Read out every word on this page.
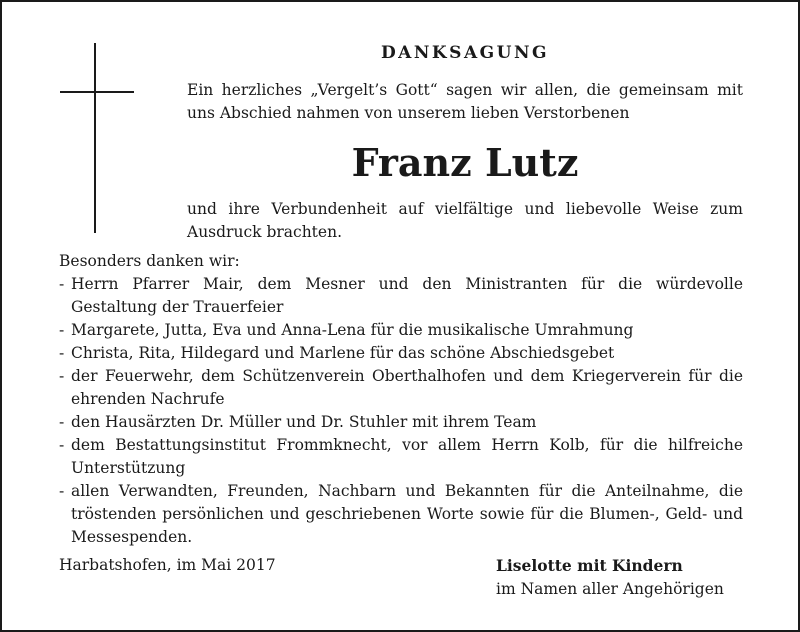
DANKSAGUNG

Ein herzliches „Vergelt’s Gott“ sagen wir allen, die gemeinsam mit uns Abschied nahmen von unserem lieben Verstorbenen

Franz Lutz

und ihre Verbundenheit auf vielfältige und liebevolle Weise zum Ausdruck brachten.

Besonders danken wir:
- Herrn Pfarrer Mair, dem Mesner und den Ministranten für die würdevolle Gestaltung der Trauerfeier
- Margarete, Jutta, Eva und Anna-Lena für die musikalische Umrahmung
- Christa, Rita, Hildegard und Marlene für das schöne Abschiedsgebet
- der Feuerwehr, dem Schützenverein Oberthalhofen und dem Kriegerverein für die ehrenden Nachrufe
- den Hausärzten Dr. Müller und Dr. Stuhler mit ihrem Team
- dem Bestattungsinstitut Frommknecht, vor allem Herrn Kolb, für die hilfreiche Unterstützung
- allen Verwandten, Freunden, Nachbarn und Bekannten für die Anteilnahme, die tröstenden persönlichen und geschriebenen Worte sowie für die Blumen-, Geld- und Messespenden.
Harbatshofen, im Mai 2017	Liselotte mit Kindern
im Namen aller Angehörigen
